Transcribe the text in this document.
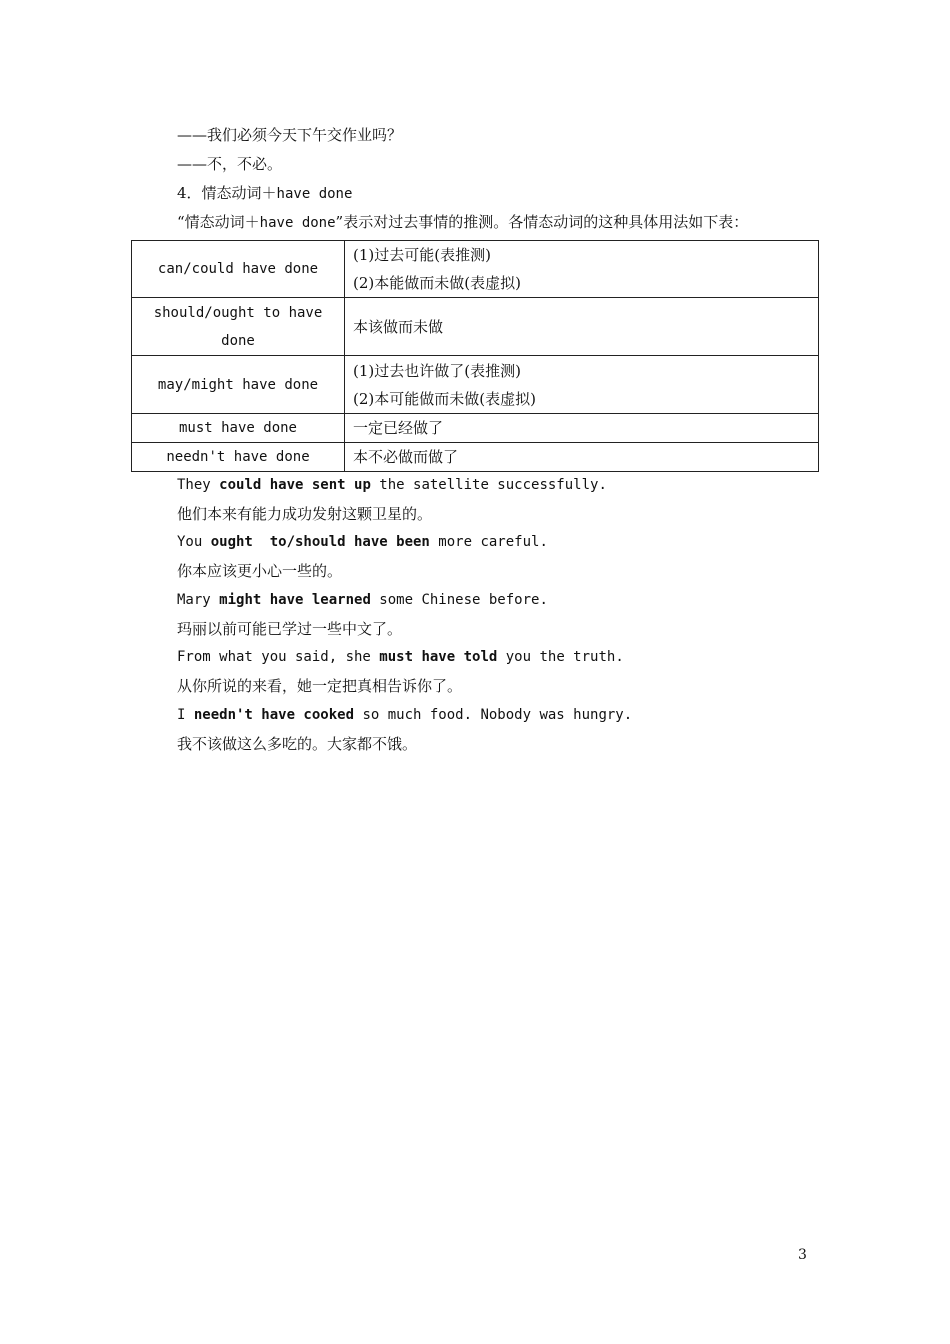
——我们必须今天下午交作业吗？
——不，不必。
4．情态动词＋have done
“情态动词＋have done”表示对过去事情的推测。各情态动词的这种具体用法如下表：
can/could have done	(1)过去可能(表推测)
(2)本能做而未做(表虚拟)

should/ought to have done	本该做而未做

may/might have done	(1)过去也许做了(表推测)
(2)本可能做而未做(表虚拟)

must have done	一定已经做了

needn't have done	本不必做而做了
They could have sent up the satellite successfully.
他们本来有能力成功发射这颗卫星的。
You ought  to/should have been more careful.
你本应该更小心一些的。
Mary might have learned some Chinese before.
玛丽以前可能已学过一些中文了。
From what you said, she must have told you the truth.
从你所说的来看，她一定把真相告诉你了。
I needn't have cooked so much food. Nobody was hungry.
我不该做这么多吃的。大家都不饿。
3
